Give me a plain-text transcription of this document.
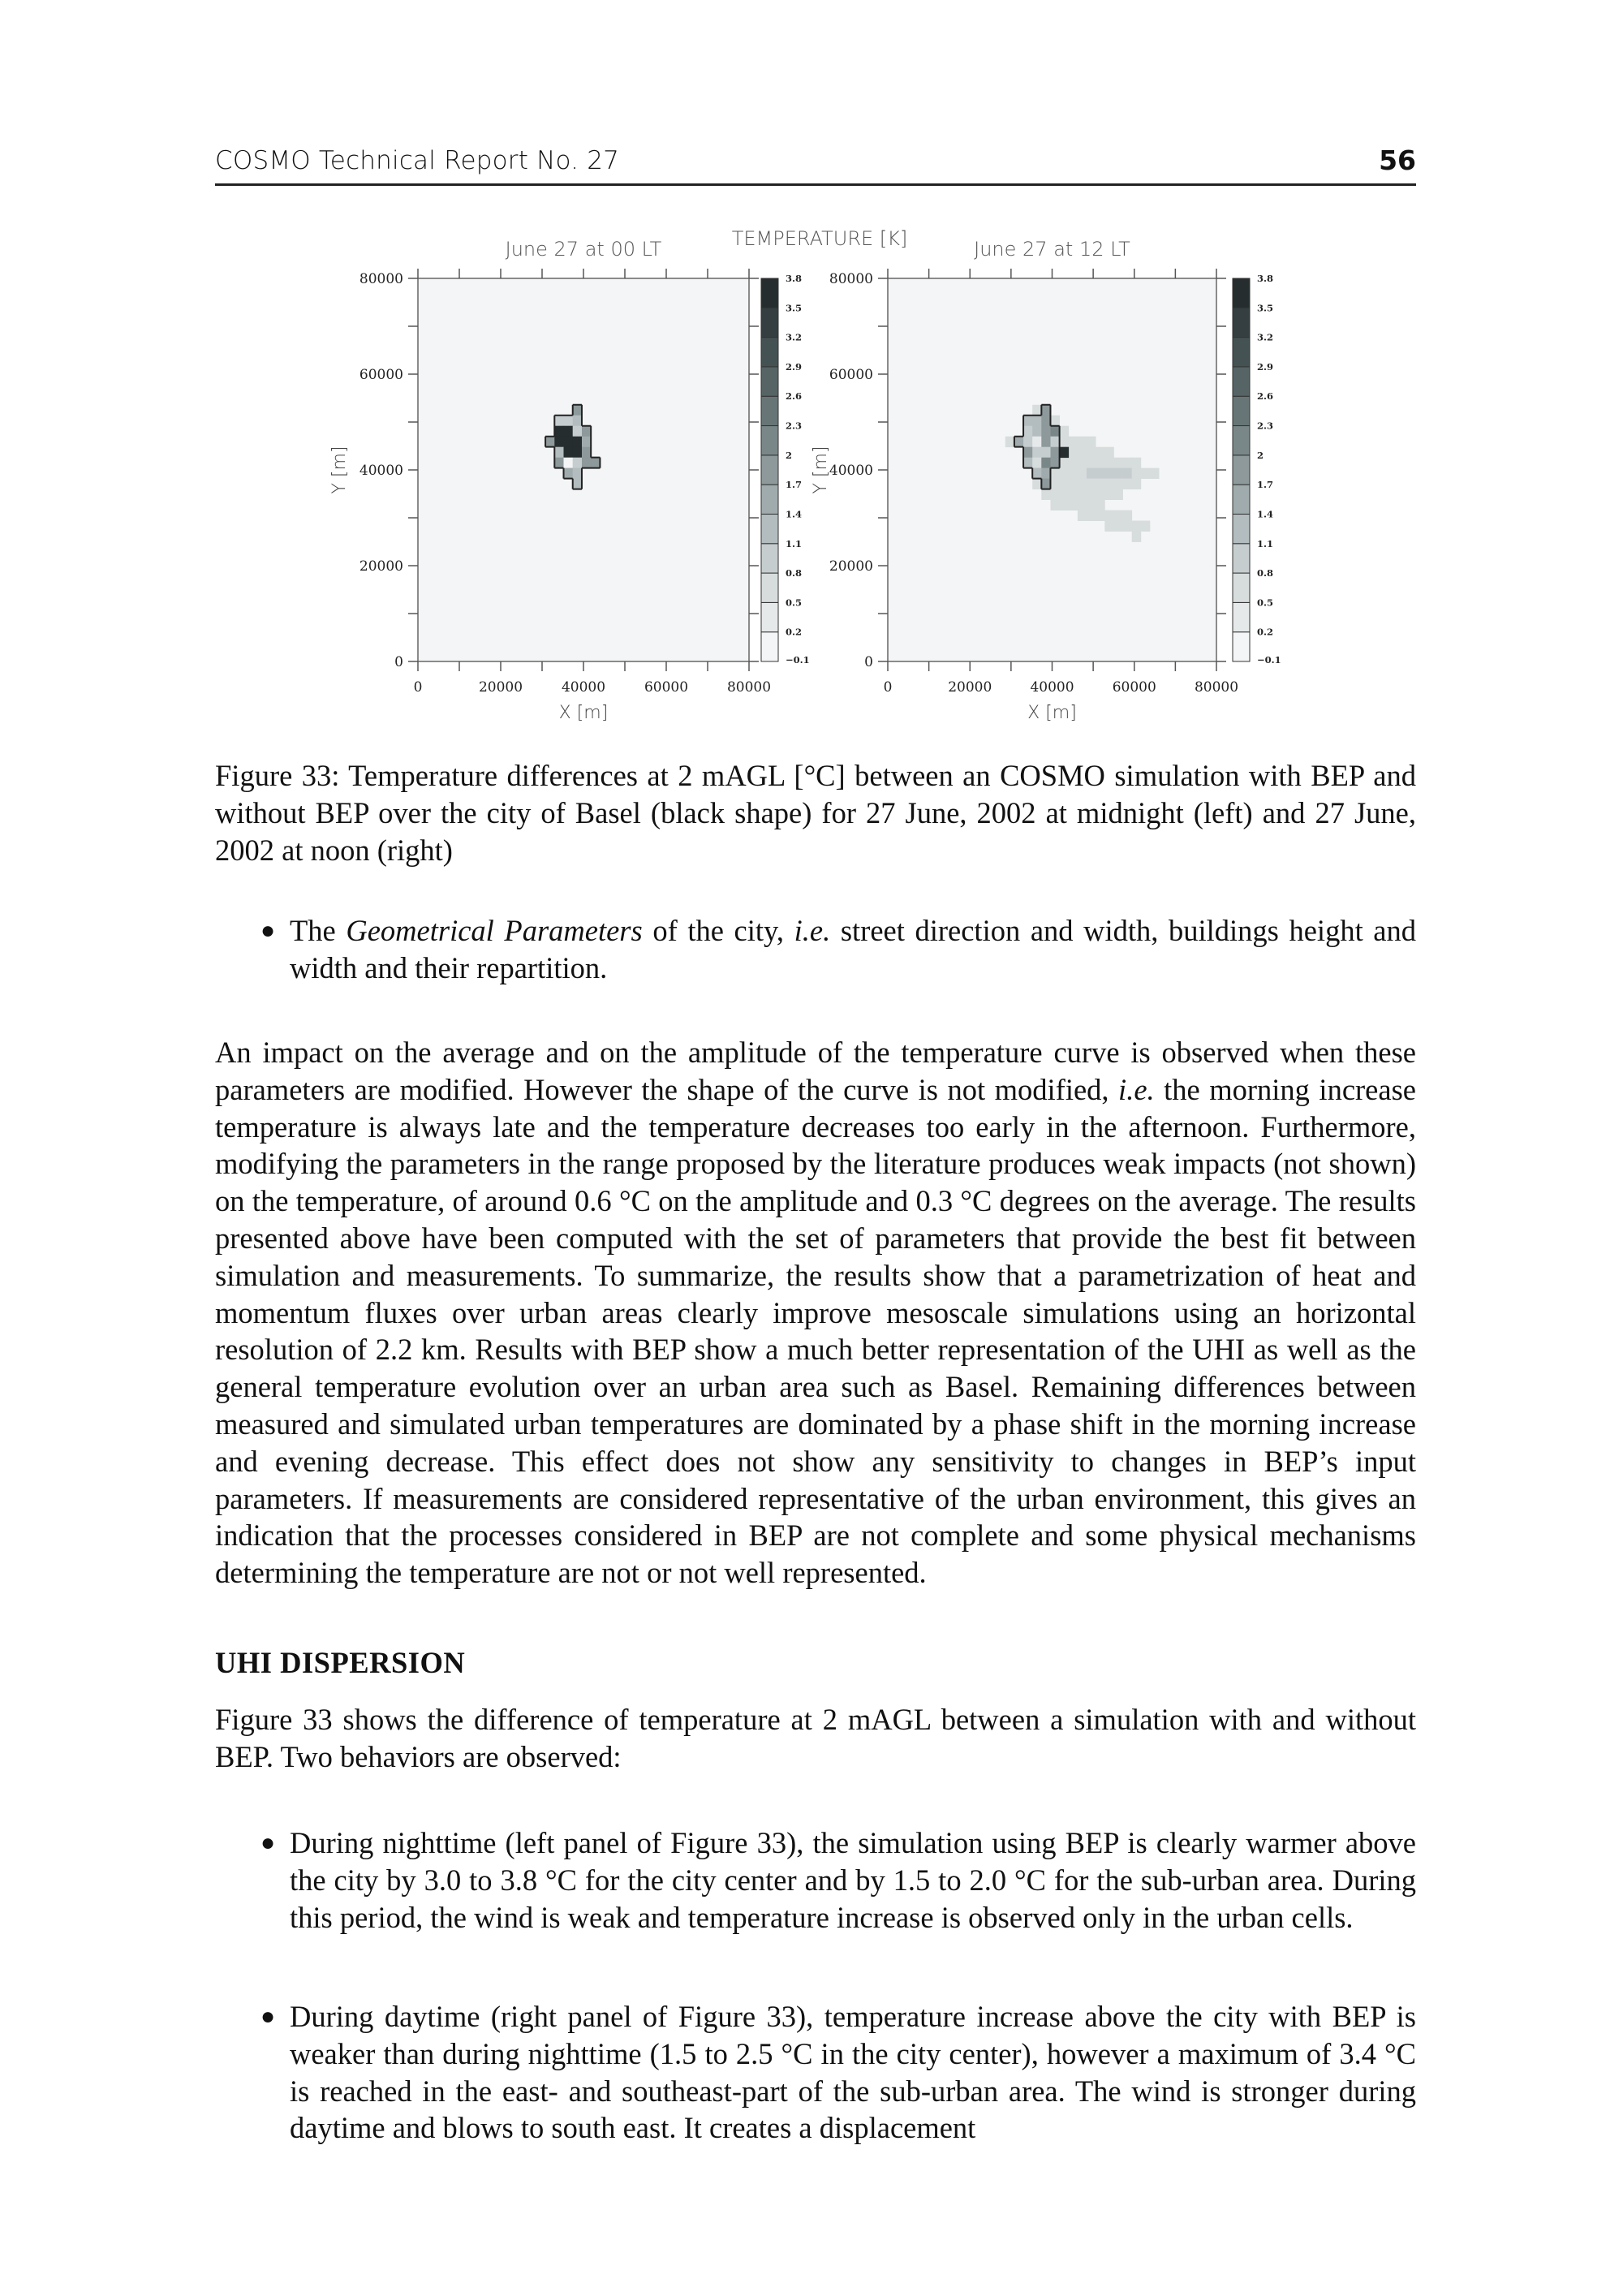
COSMO Technical Report No. 27	56
TEMPERATURE [K]
0	20000	40000	60000	80000
0
20000
40000
60000
80000
X [m]
Y [m]
June 27 at 00 LT
−0.1
0.2
0.5
0.8
1.1
1.4
1.7
2
2.3
2.6
2.9
3.2
3.5
3.8
0	20000	40000	60000	80000
0
20000
40000
60000
80000
X [m]
Y [m]
June 27 at 12 LT
−0.1
0.2
0.5
0.8
1.1
1.4
1.7
2
2.3
2.6
2.9
3.2
3.5
3.8

Figure 33: Temperature differences at 2 mAGL [°C] between an COSMO simulation with BEP and without BEP over the city of Basel (black shape) for 27 June, 2002 at midnight (left) and 27 June, 2002 at noon (right)

● The Geometrical Parameters of the city, i.e. street direction and width, buildings height and width and their repartition.

An impact on the average and on the amplitude of the temperature curve is observed when these parameters are modified. However the shape of the curve is not modified, i.e. the morning increase temperature is always late and the temperature decreases too early in the afternoon. Furthermore, modifying the parameters in the range proposed by the literature produces weak impacts (not shown) on the temperature, of around 0.6 °C on the amplitude and 0.3 °C degrees on the average. The results presented above have been computed with the set of parameters that provide the best fit between simulation and measurements. To summarize, the results show that a parametrization of heat and momentum fluxes over urban areas clearly improve mesoscale simulations using an horizontal resolution of 2.2 km. Results with BEP show a much better representation of the UHI as well as the general temperature evolution over an urban area such as Basel. Remaining differences between measured and simulated urban temperatures are dominated by a phase shift in the morning increase and evening decrease. This effect does not show any sensitivity to changes in BEP’s input parameters. If measurements are considered representative of the urban environment, this gives an indication that the processes considered in BEP are not complete and some physical mechanisms determining the temperature are not or not well represented.

UHI DISPERSION

Figure 33 shows the difference of temperature at 2 mAGL between a simulation with and without BEP. Two behaviors are observed:

● During nighttime (left panel of Figure 33), the simulation using BEP is clearly warmer above the city by 3.0 to 3.8 °C for the city center and by 1.5 to 2.0 °C for the sub-urban area. During this period, the wind is weak and temperature increase is observed only in the urban cells.
● During daytime (right panel of Figure 33), temperature increase above the city with BEP is weaker than during nighttime (1.5 to 2.5 °C in the city center), however a maximum of 3.4 °C is reached in the east- and southeast-part of the sub-urban area. The wind is stronger during daytime and blows to south east. It creates a displacement
